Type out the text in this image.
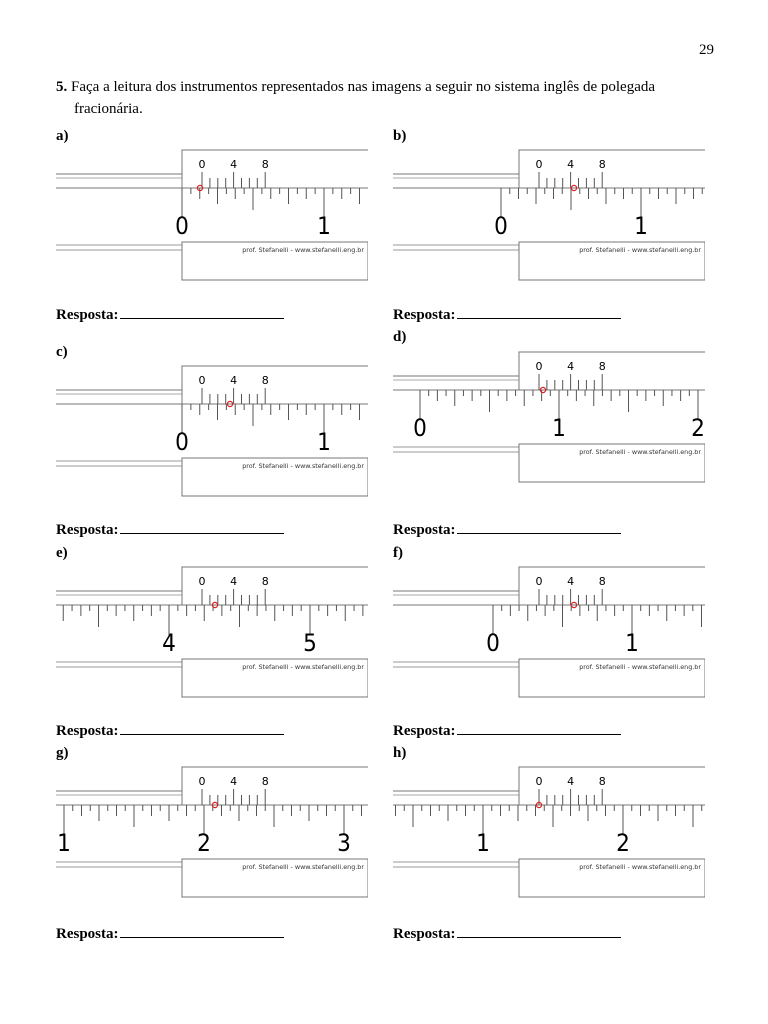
29
5. Faça a leitura dos instrumentos representados nas imagens a seguir no sistema inglês de polegada
fracionária.
a)	b)
c)
d)
e)	f)
g)	h)
0 4 8
0	1
prof. Stefanelli - www.stefanelli.eng.br
0 4 8
0	1
prof. Stefanelli - www.stefanelli.eng.br
0 4 8
0	1
prof. Stefanelli - www.stefanelli.eng.br
0 4 8
0	1	2
prof. Stefanelli - www.stefanelli.eng.br
0 4 8
4	5
prof. Stefanelli - www.stefanelli.eng.br
0 4 8
0	1
prof. Stefanelli - www.stefanelli.eng.br
0 4 8
1	2	3
prof. Stefanelli - www.stefanelli.eng.br
0 4 8
1	2
prof. Stefanelli - www.stefanelli.eng.br
Resposta:	Resposta:
Resposta:	Resposta:
Resposta:	Resposta:
Resposta:	Resposta:
